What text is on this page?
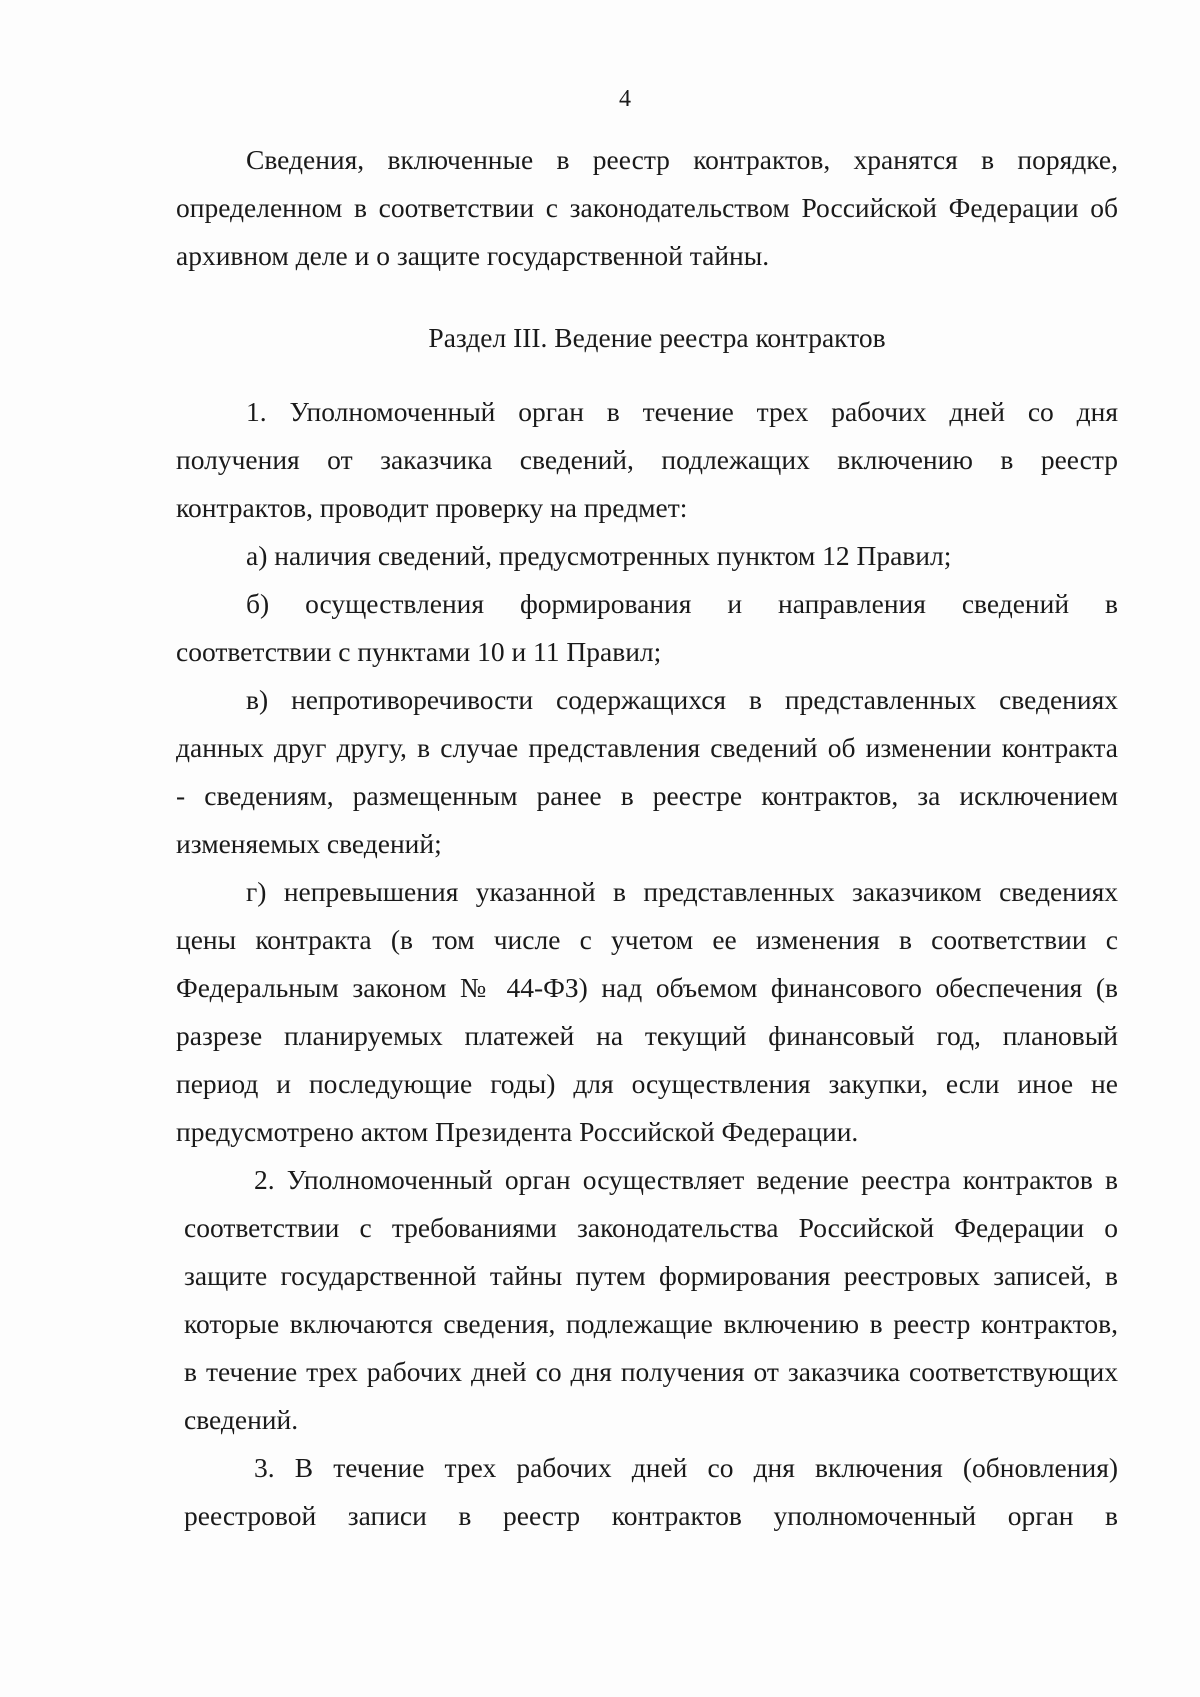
4
Сведения, включенные в реестр контрактов, хранятся в порядке,
определенном в соответствии с законодательством Российской Федерации об
архивном деле и о защите государственной тайны.
Раздел III. Ведение реестра контрактов
1. Уполномоченный орган в течение трех рабочих дней со дня
получения от заказчика сведений, подлежащих включению в реестр
контрактов, проводит проверку на предмет:
а) наличия сведений, предусмотренных пунктом 12 Правил;
б) осуществления формирования и направления сведений в
соответствии с пунктами 10 и 11 Правил;
в) непротиворечивости содержащихся в представленных сведениях
данных друг другу, в случае представления сведений об изменении контракта
- сведениям, размещенным ранее в реестре контрактов, за исключением
изменяемых сведений;
г) непревышения указанной в представленных заказчиком сведениях
цены контракта (в том числе с учетом ее изменения в соответствии с
Федеральным законом № 44-ФЗ) над объемом финансового обеспечения (в
разрезе планируемых платежей на текущий финансовый год, плановый
период и последующие годы) для осуществления закупки, если иное не
предусмотрено актом Президента Российской Федерации.
2. Уполномоченный орган осуществляет ведение реестра контрактов в
соответствии с требованиями законодательства Российской Федерации о
защите государственной тайны путем формирования реестровых записей, в
которые включаются сведения, подлежащие включению в реестр контрактов,
в течение трех рабочих дней со дня получения от заказчика соответствующих
сведений.
3. В течение трех рабочих дней со дня включения (обновления)
реестровой записи в реестр контрактов уполномоченный орган в
